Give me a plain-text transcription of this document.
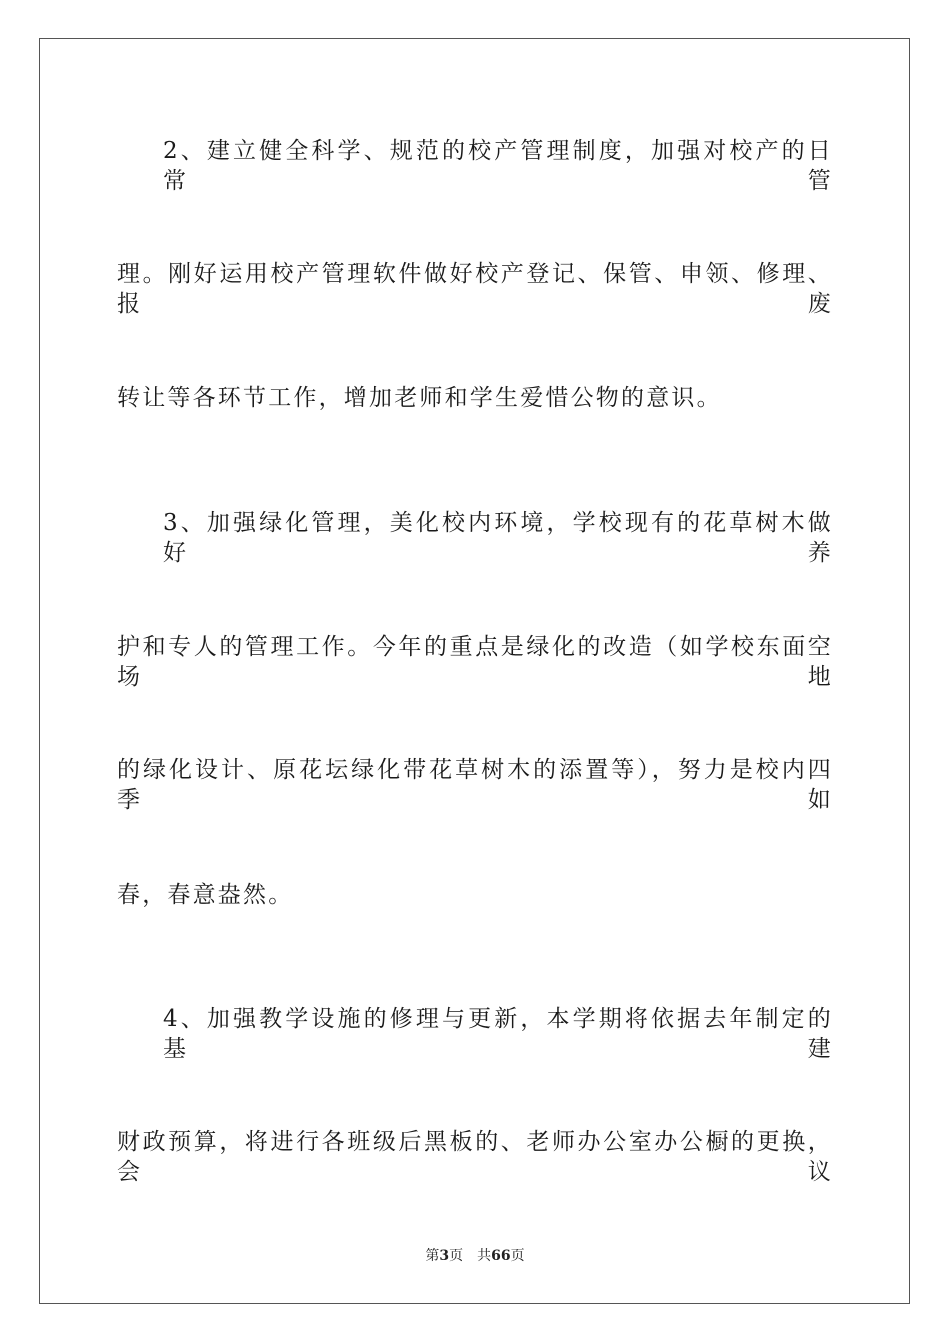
2、建立健全科学、规范的校产管理制度，加强对校产的日常管
理。刚好运用校产管理软件做好校产登记、保管、申领、修理、报废
转让等各环节工作，增加老师和学生爱惜公物的意识。
3、加强绿化管理，美化校内环境，学校现有的花草树木做好养
护和专人的管理工作。今年的重点是绿化的改造（如学校东面空场地
的绿化设计、原花坛绿化带花草树木的添置等），努力是校内四季如
春，春意盎然。
4、加强教学设施的修理与更新，本学期将依据去年制定的基建
财政预算，将进行各班级后黑板的、老师办公室办公橱的更换，会议
第3页 共66页
